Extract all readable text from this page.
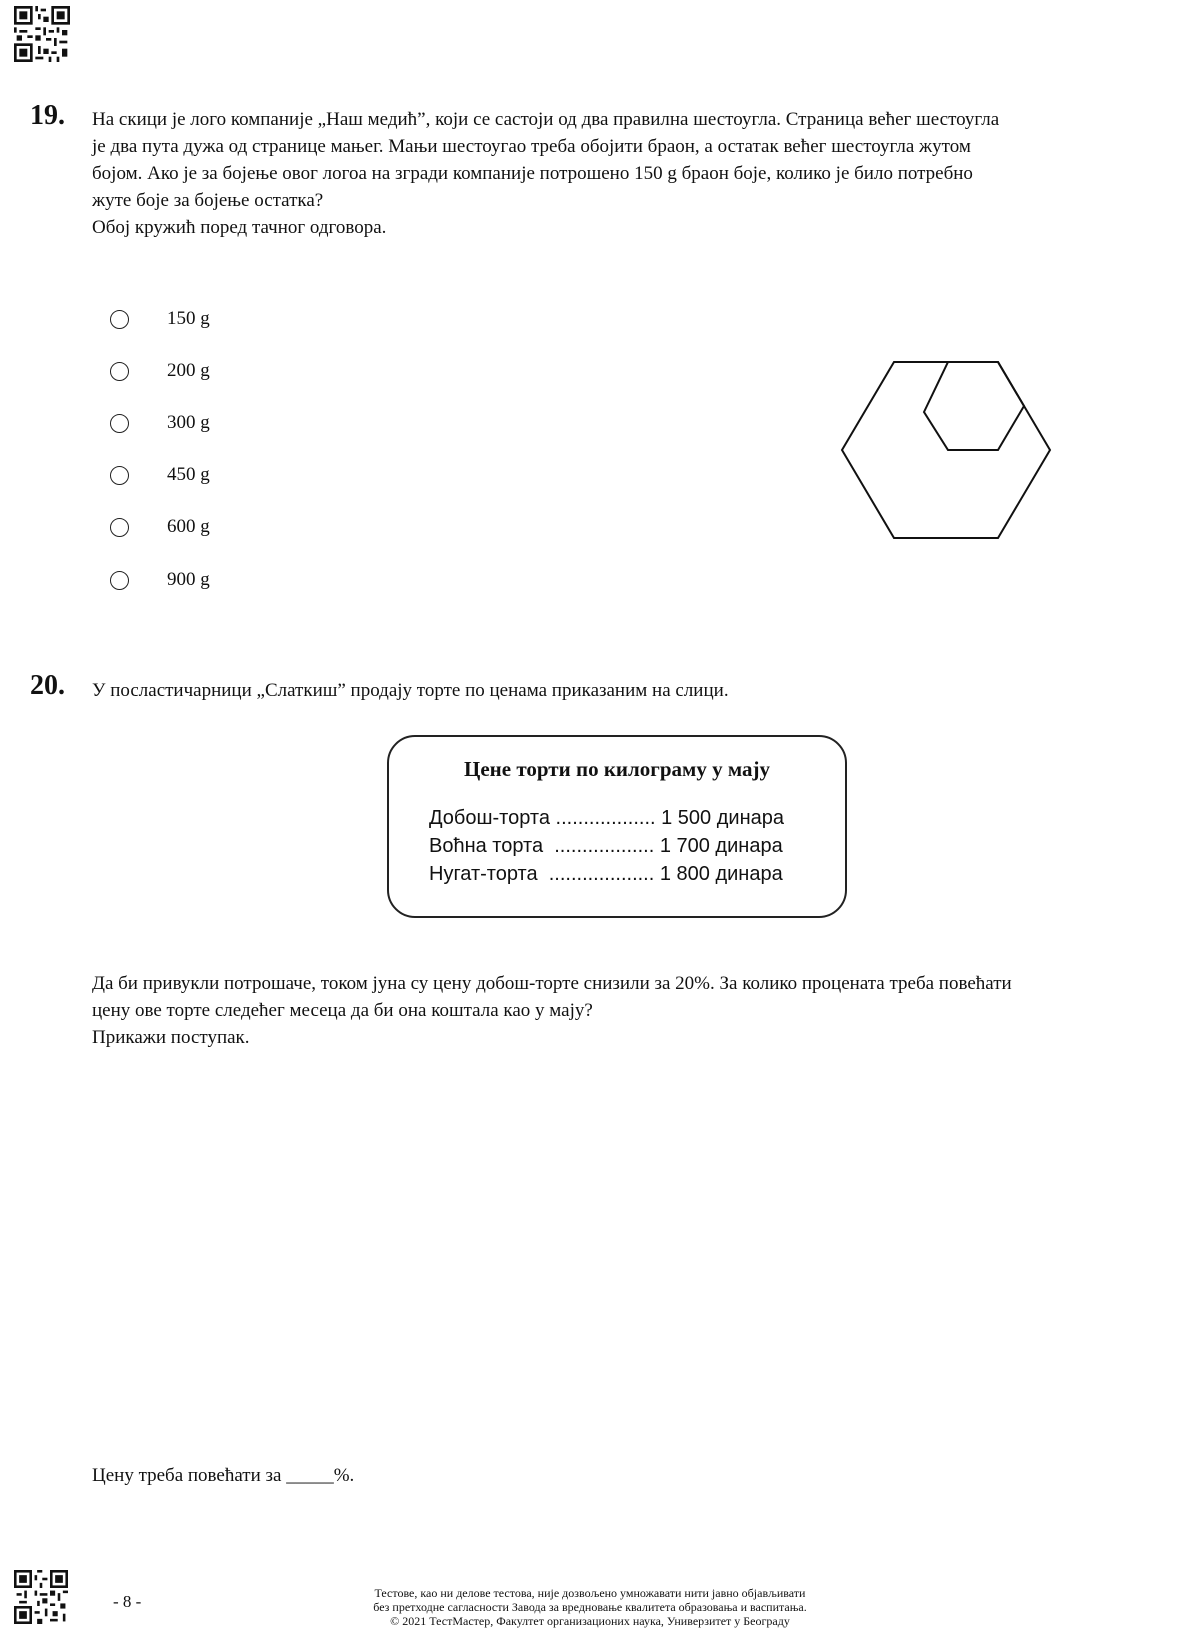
19. На скици је лого компаније „Наш медић”, који се састоји од два правилна шестоугла. Страница већег шестоугла
је два пута дужа од странице мањег. Мањи шестоугао треба обојити браон, а остатак већег шестоугла жутом
бојом. Ако је за бојење овог логоа на згради компаније потрошено 150 g браон боје, колико је било потребно
жуте боје за бојење остатка?
Обој кружић поред тачног одговора.
150 g
200 g
300 g
450 g
600 g
900 g
20. У посластичарници „Слаткиш” продају торте по ценама приказаним на слици.
Цене торти по килограму у мају
Добош-торта .................. 1 500 динара
Воћна торта  .................. 1 700 динара
Нугат-торта  ................... 1 800 динара
Да би привукли потрошаче, током јуна су цену добош-торте снизили за 20%. За колико процената треба повећати
цену ове торте следећег месеца да би она коштала као у мају?
Прикажи поступак.
Цену треба повећати за _____%.
- 8 -	Тестове, као ни делове тестова, није дозвољено умножавати нити јавно објављивати
без претходне сагласности Завода за вредновање квалитета образовања и васпитања.
© 2021 ТестМастер, Факултет организационих наука, Универзитет у Београду
